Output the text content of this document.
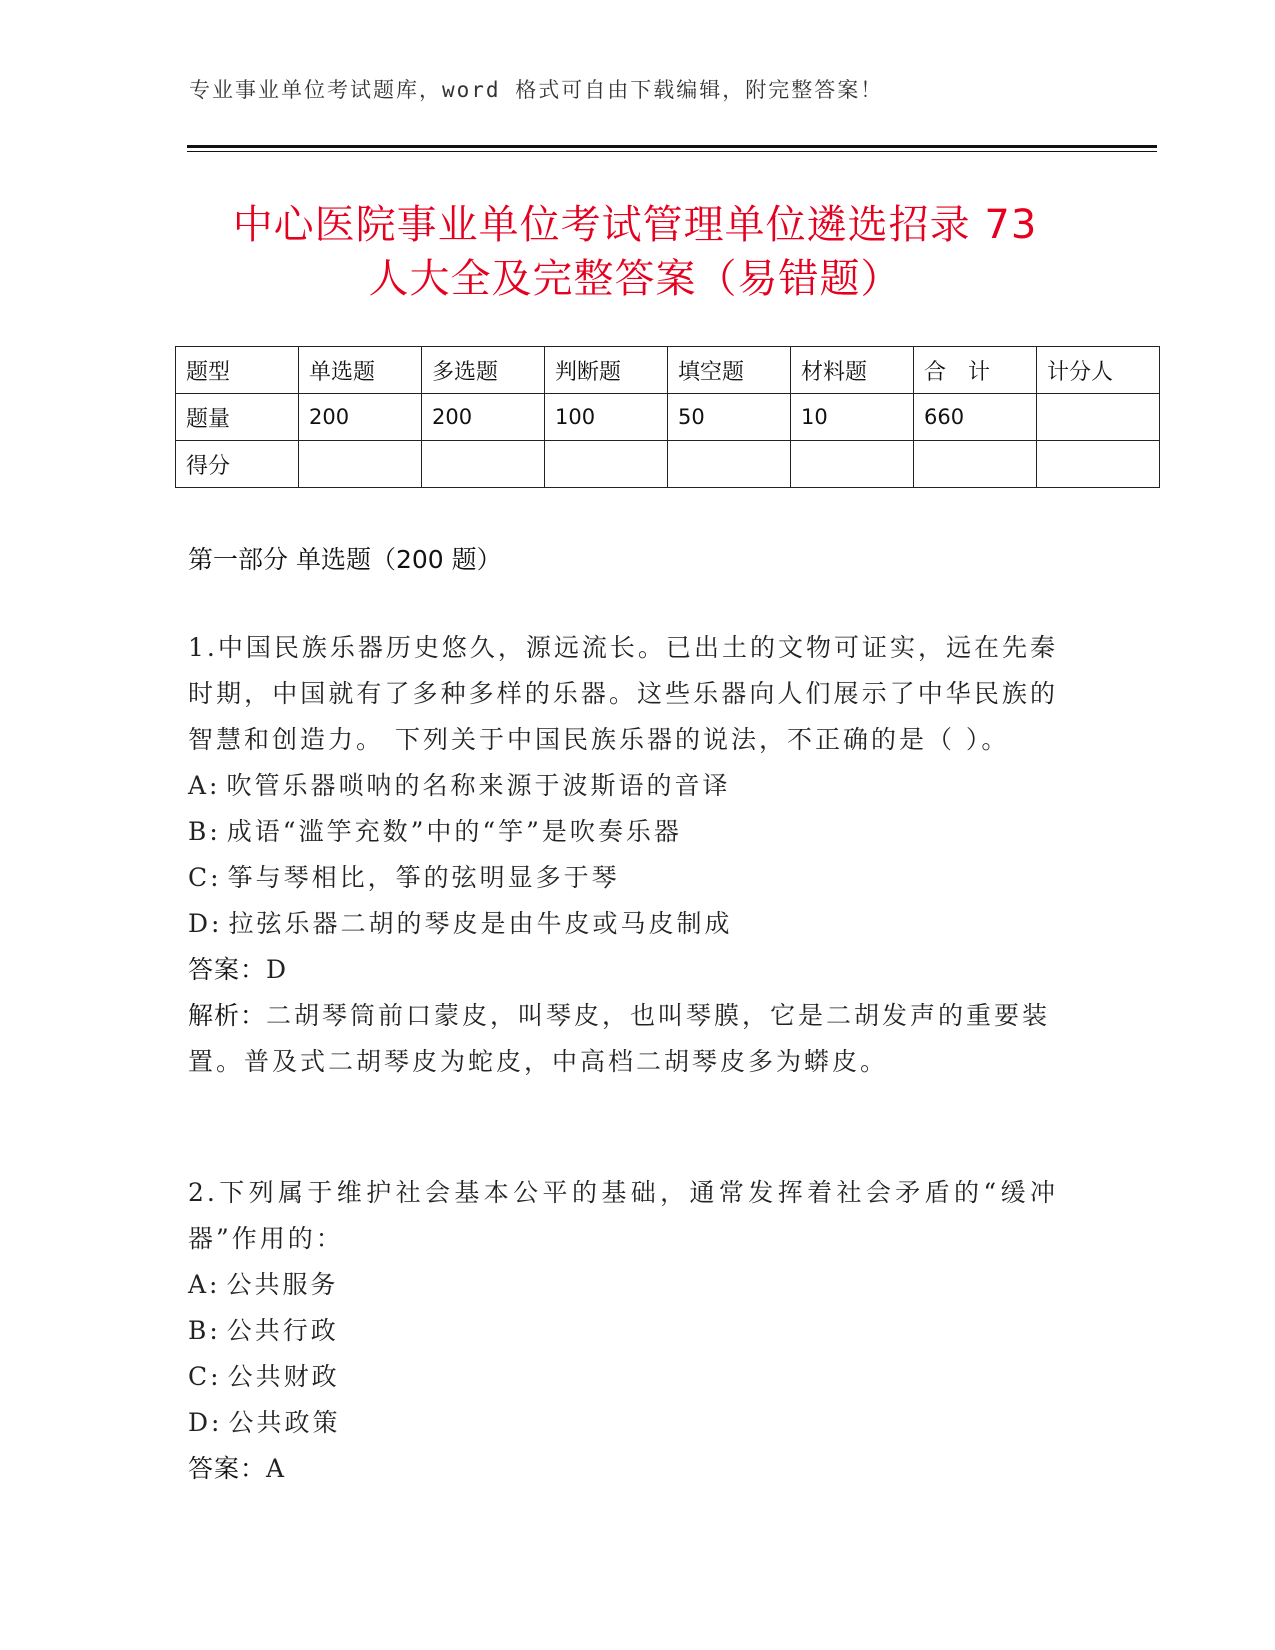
专业事业单位考试题库，word 格式可自由下载编辑，附完整答案！
中心医院事业单位考试管理单位遴选招录 73
人大全及完整答案（易错题）
题型	单选题	多选题	判断题	填空题	材料题	合　计	计分人
题量	200	200	100	50	10	660	
得分							
第一部分 单选题（200 题）

1.中国民族乐器历史悠久，源远流长。已出土的文物可证实，远在先秦时期，中国就有了多种多样的乐器。这些乐器向人们展示了中华民族的智慧和创造力。 下列关于中国民族乐器的说法，不正确的是（ ）。

A: 吹管乐器唢呐的名称来源于波斯语的音译

B: 成语“滥竽充数”中的“竽”是吹奏乐器

C: 筝与琴相比，筝的弦明显多于琴

D: 拉弦乐器二胡的琴皮是由牛皮或马皮制成

答案：D

解析：二胡琴筒前口蒙皮，叫琴皮，也叫琴膜，它是二胡发声的重要装置。普及式二胡琴皮为蛇皮，中高档二胡琴皮多为蟒皮。

2.下列属于维护社会基本公平的基础，通常发挥着社会矛盾的“缓冲器”作用的：

A: 公共服务

B: 公共行政

C: 公共财政

D: 公共政策

答案：A
